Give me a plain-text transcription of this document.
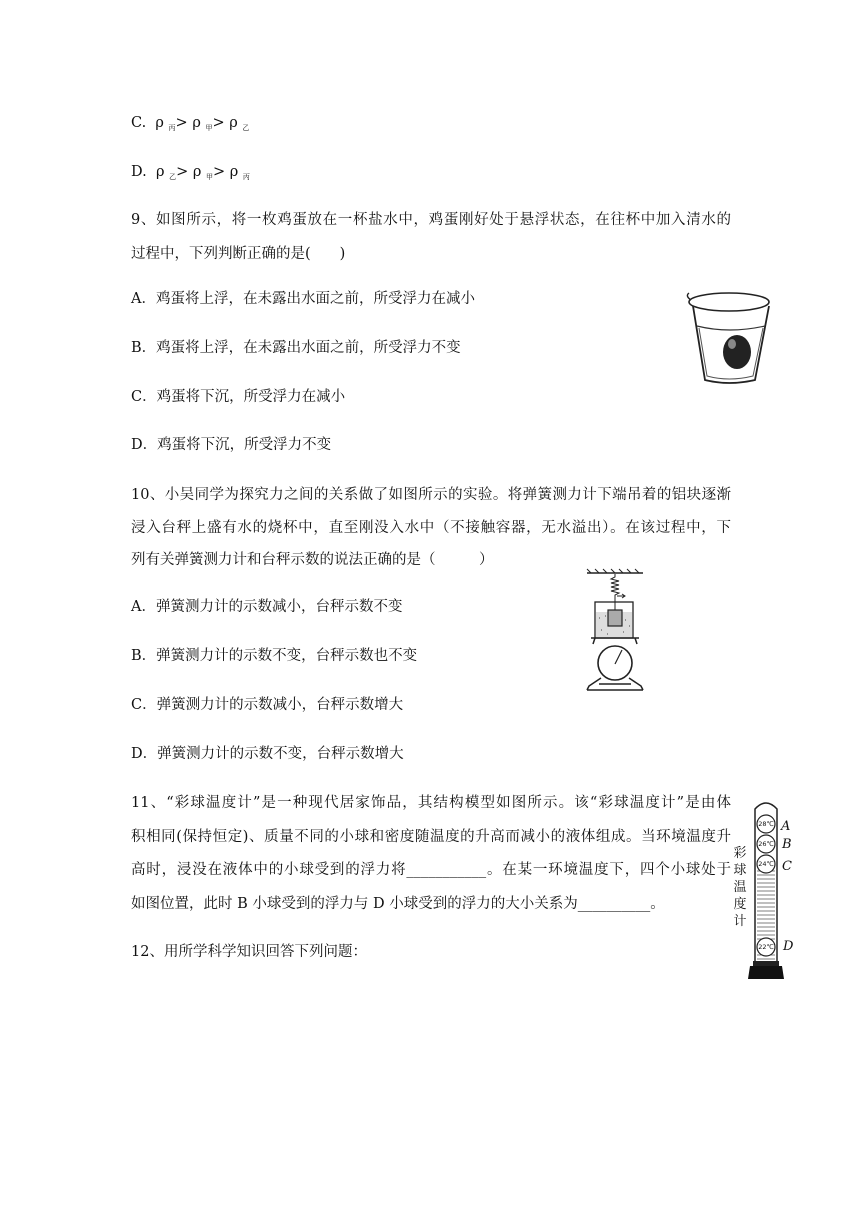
C. ρ $_丙$> ρ $_甲$> ρ $_乙$
D. ρ $_乙$> ρ $_甲$> ρ $_丙$
9、如图所示，将一枚鸡蛋放在一杯盐水中，鸡蛋刚好处于悬浮状态，在往杯中加入清水的
过程中，下列判断正确的是(　　)
A．鸡蛋将上浮，在未露出水面之前，所受浮力在减小
B．鸡蛋将上浮，在未露出水面之前，所受浮力不变
C．鸡蛋将下沉，所受浮力在减小
D．鸡蛋将下沉，所受浮力不变
10、小吴同学为探究力之间的关系做了如图所示的实验。将弹簧测力计下端吊着的铝块逐渐
浸入台秤上盛有水的烧杯中，直至刚没入水中（不接触容器，无水溢出）。在该过程中，下
列有关弹簧测力计和台秤示数的说法正确的是（　　　）
A．弹簧测力计的示数减小，台秤示数不变
B．弹簧测力计的示数不变，台秤示数也不变
C．弹簧测力计的示数减小，台秤示数增大
D．弹簧测力计的示数不变，台秤示数增大
11、“彩球温度计”是一种现代居家饰品，其结构模型如图所示。该“彩球温度计”是由体
积相同(保持恒定)、质量不同的小球和密度随温度的升高而减小的液体组成。当环境温度升
高时，浸没在液体中的小球受到的浮力将___________。在某一环境温度下，四个小球处于
如图位置，此时 B 小球受到的浮力与 D 小球受到的浮力的大小关系为__________。
28℃
26℃
24℃
22℃
A
B
C
D
彩
球
温
度
计
12、用所学科学知识回答下列问题：
